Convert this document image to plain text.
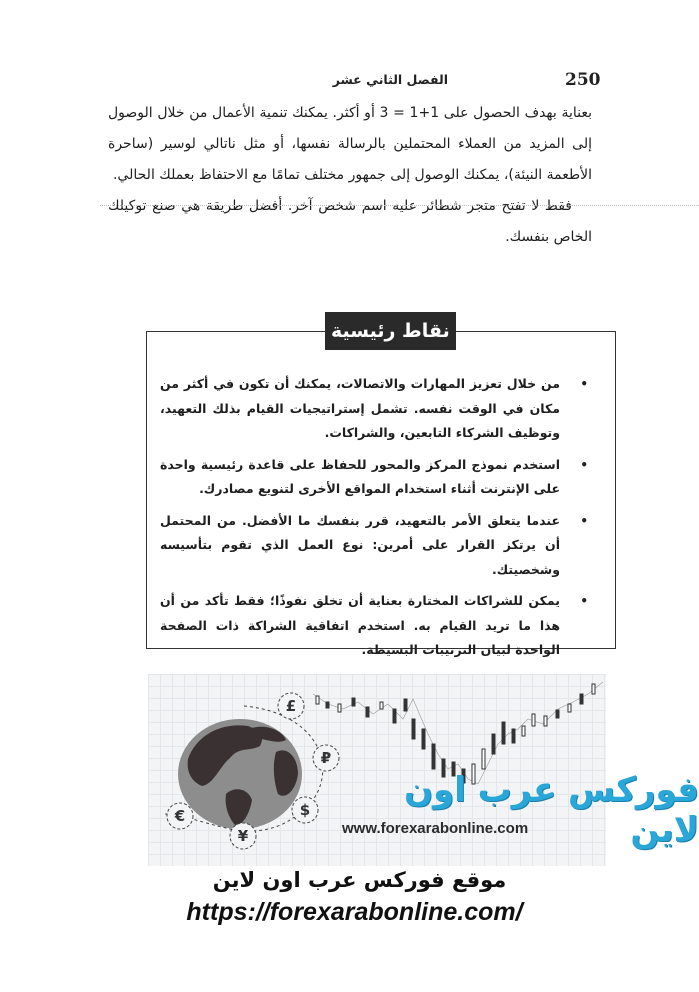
250
الفصل الثاني عشر

بعناية بهدف الحصول على 1+1 = 3 أو أكثر. يمكنك تنمية الأعمال من خلال الوصول إلى المزيد من العملاء المحتملين بالرسالة نفسها، أو مثل ناتالي لوسير (ساحرة الأطعمة النيئة)، يمكنك الوصول إلى جمهور مختلف تمامًا مع الاحتفاظ بعملك الحالي.

فقط لا تفتح متجر شطائر عليه اسم شخص آخر. أفضل طريقة هي صنع توكيلك الخاص بنفسك.

نقاط رئيسية
•
من خلال تعزيز المهارات والاتصالات، يمكنك أن تكون في أكثر من مكان في الوقت نفسه. تشمل إستراتيجيات القيام بذلك التعهيد، وتوظيف الشركاء التابعين، والشراكات.
•
استخدم نموذج المركز والمحور للحفاظ على قاعدة رئيسية واحدة على الإنترنت أثناء استخدام المواقع الأخرى لتنويع مصادرك.
•
عندما يتعلق الأمر بالتعهيد، قرر بنفسك ما الأفضل. من المحتمل أن يرتكز القرار على أمرين: نوع العمل الذي تقوم بتأسيسه وشخصيتك.
•
يمكن للشراكات المختارة بعناية أن تخلق نفوذًا؛ فقط تأكد من أن هذا ما تريد القيام به. استخدم اتفاقية الشراكة ذات الصفحة الواحدة لبيان الترتيبات البسيطة.
£
₽
$
¥
€
فوركس عرب اون لاين
www.forexarabonline.com
موقع فوركس عرب اون لاين
https://forexarabonline.com/
